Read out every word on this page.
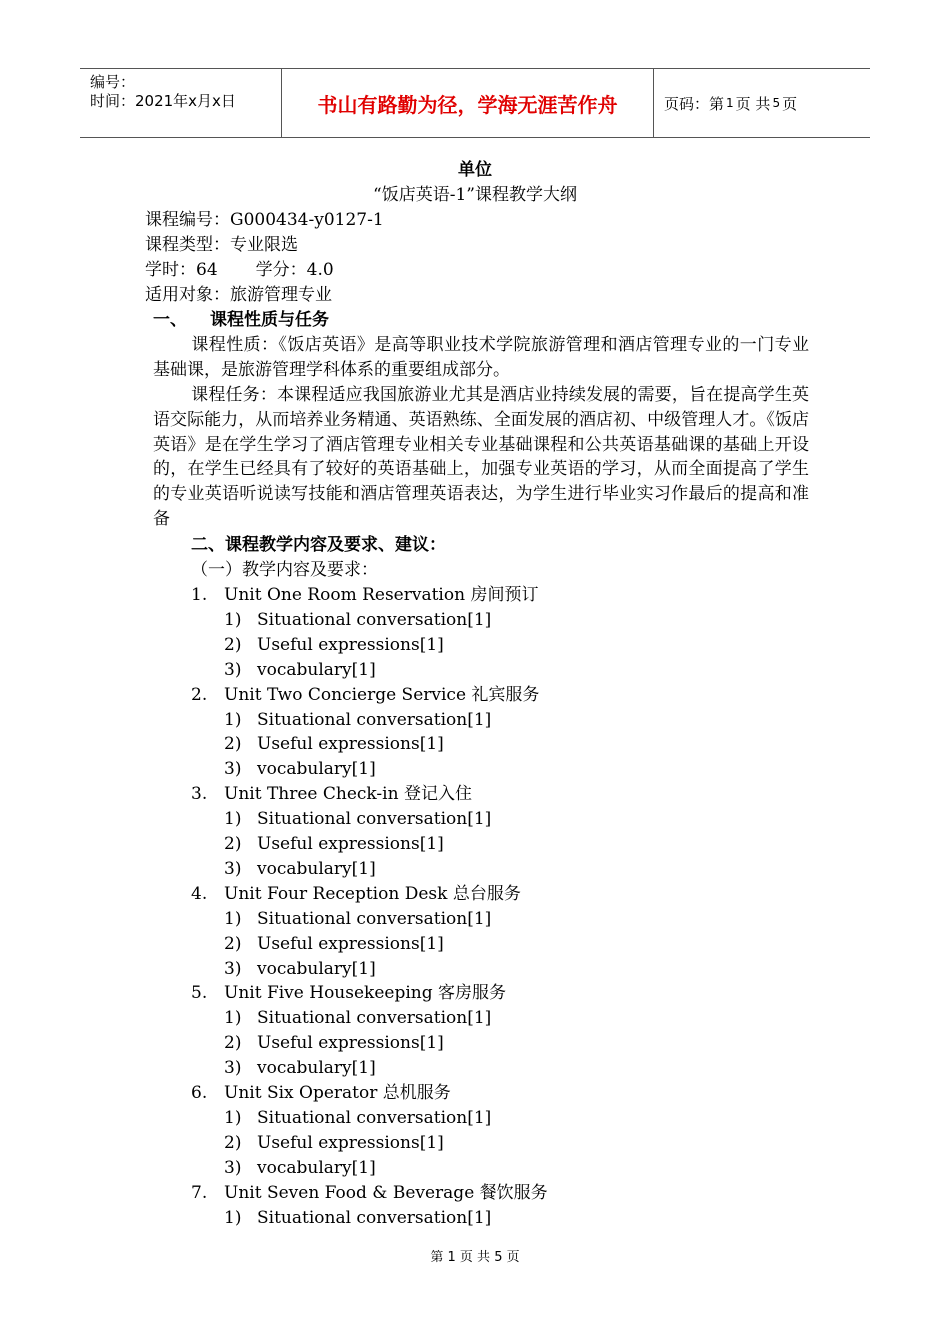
编号：
时间：2021年x月x日	书山有路勤为径，学海无涯苦作舟	页码：第 1 页 共 5 页
单位
“饭店英语-1”课程教学大纲
课程编号：G000434-y0127-1
课程类型：专业限选
学时：64 学分：4.0
适用对象：旅游管理专业
一、 课程性质与任务
课程性质：《饭店英语》是高等职业技术学院旅游管理和酒店管理专业的一门专业基础课，是旅游管理学科体系的重要组成部分。
课程任务：本课程适应我国旅游业尤其是酒店业持续发展的需要，旨在提高学生英语交际能力，从而培养业务精通、英语熟练、全面发展的酒店初、中级管理人才。《饭店英语》是在学生学习了酒店管理专业相关专业基础课程和公共英语基础课的基础上开设的，在学生已经具有了较好的英语基础上，加强专业英语的学习，从而全面提高了学生的专业英语听说读写技能和酒店管理英语表达，为学生进行毕业实习作最后的提高和准备
二、课程教学内容及要求、建议：
（一）教学内容及要求：
1. Unit One Room Reservation 房间预订
1) Situational conversation[1]
2) Useful expressions[1]
3) vocabulary[1]
2. Unit Two Concierge Service 礼宾服务
1) Situational conversation[1]
2) Useful expressions[1]
3) vocabulary[1]
3. Unit Three Check-in 登记入住
1) Situational conversation[1]
2) Useful expressions[1]
3) vocabulary[1]
4. Unit Four Reception Desk 总台服务
1) Situational conversation[1]
2) Useful expressions[1]
3) vocabulary[1]
5. Unit Five Housekeeping 客房服务
1) Situational conversation[1]
2) Useful expressions[1]
3) vocabulary[1]
6. Unit Six Operator 总机服务
1) Situational conversation[1]
2) Useful expressions[1]
3) vocabulary[1]
7. Unit Seven Food & Beverage 餐饮服务
1) Situational conversation[1]
第 1 页 共 5 页
